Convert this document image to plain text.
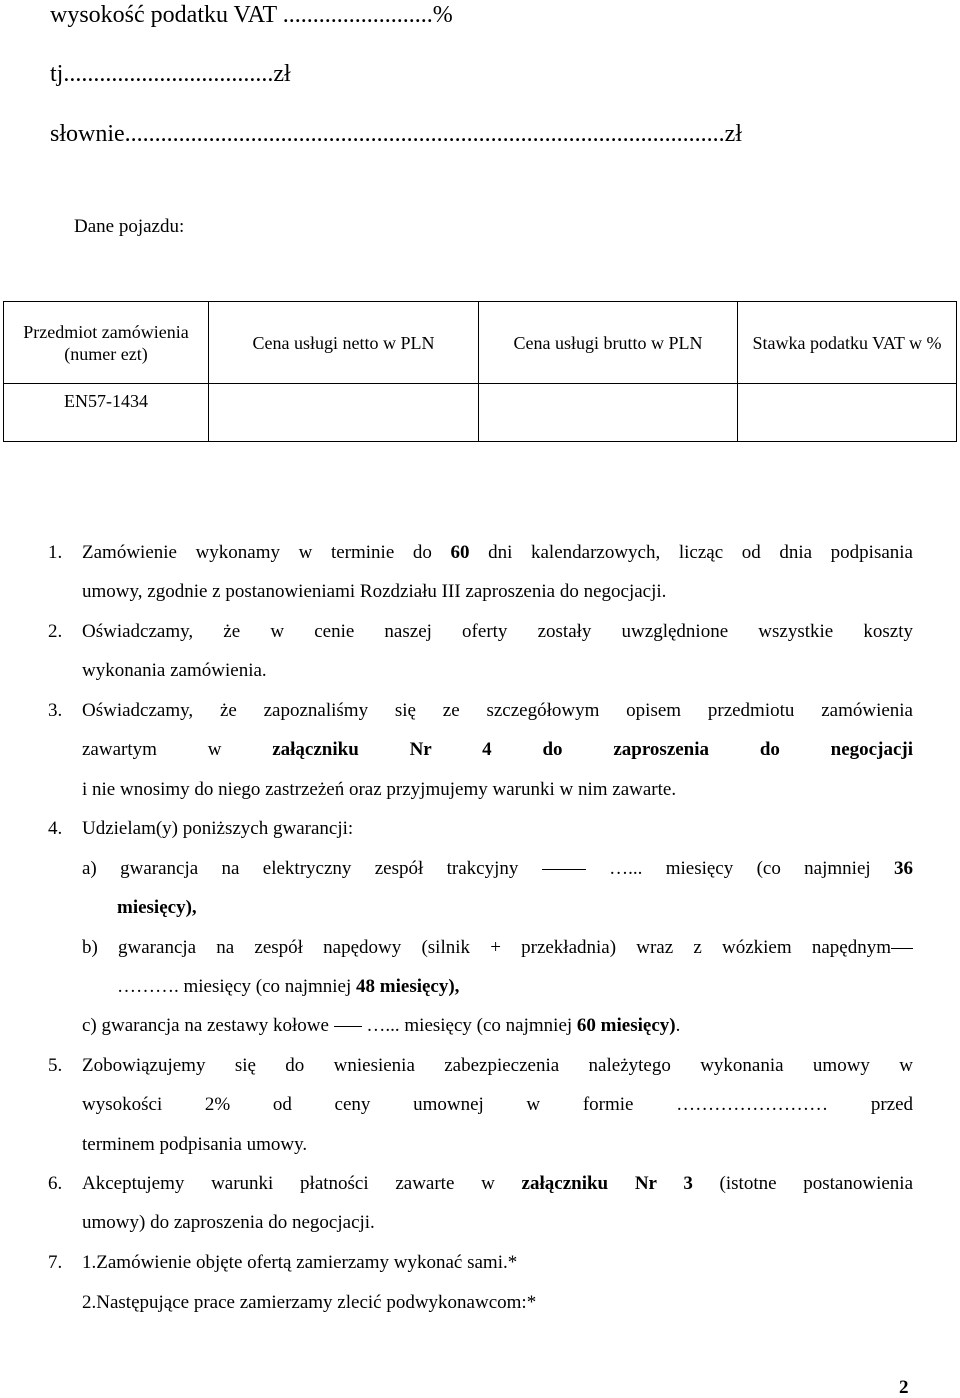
wysokość podatku VAT .........................%
tj...................................zł
słownie....................................................................................................zł
Dane pojazdu:
Przedmiot zamówienia (numer ezt)	Cena usługi netto w PLN	Cena usługi brutto w PLN	Stawka podatku VAT w %
EN57-1434			
1. Zamówienie wykonamy w terminie do 60 dni kalendarzowych, licząc od dnia podpisania
umowy, zgodnie z postanowieniami Rozdziału III zaproszenia do negocjacji.
2. Oświadczamy, że w cenie naszej oferty zostały uwzględnione wszystkie koszty
wykonania zamówienia.
3. Oświadczamy, że zapoznaliśmy się ze szczegółowym opisem przedmiotu zamówienia
zawartym w załączniku Nr 4 do zaproszenia do negocjacji
i nie wnosimy do niego zastrzeżeń oraz przyjmujemy warunki w nim zawarte.
4. Udzielam(y) poniższych gwarancji:
a) gwarancja na elektryczny zespół trakcyjny	…... miesięcy (co najmniej 36
miesięcy),
b) gwarancja na zespół napędowy (silnik + przekładnia) wraz z wózkiem napędnym
………. miesięcy (co najmniej 48 miesięcy),
c) gwarancja na zestawy kołowe …... miesięcy (co najmniej 60 miesięcy).
5. Zobowiązujemy się do wniesienia zabezpieczenia należytego wykonania umowy w
wysokości 2% od ceny umownej w formie …………………… przed
terminem podpisania umowy.
6. Akceptujemy warunki płatności zawarte w załączniku Nr 3 (istotne postanowienia
umowy) do zaproszenia do negocjacji.
7. 1.Zamówienie objęte ofertą zamierzamy wykonać sami.*
2.Następujące prace zamierzamy zlecić podwykonawcom:*
2
